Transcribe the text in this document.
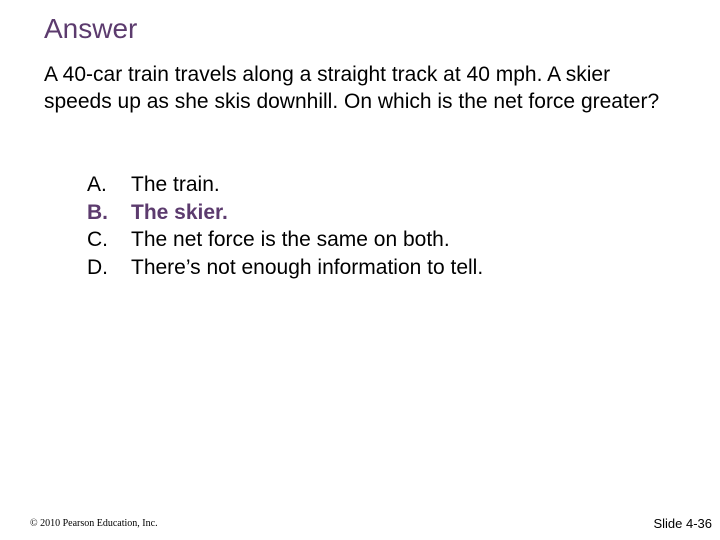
Answer
A 40-car train travels along a straight track at 40 mph. A skier speeds up as she skis downhill. On which is the net force greater?
A.	The train.
B.	The skier.
C.	The net force is the same on both.
D.	There’s not enough information to tell.
© 2010 Pearson Education, Inc.	Slide 4-36
